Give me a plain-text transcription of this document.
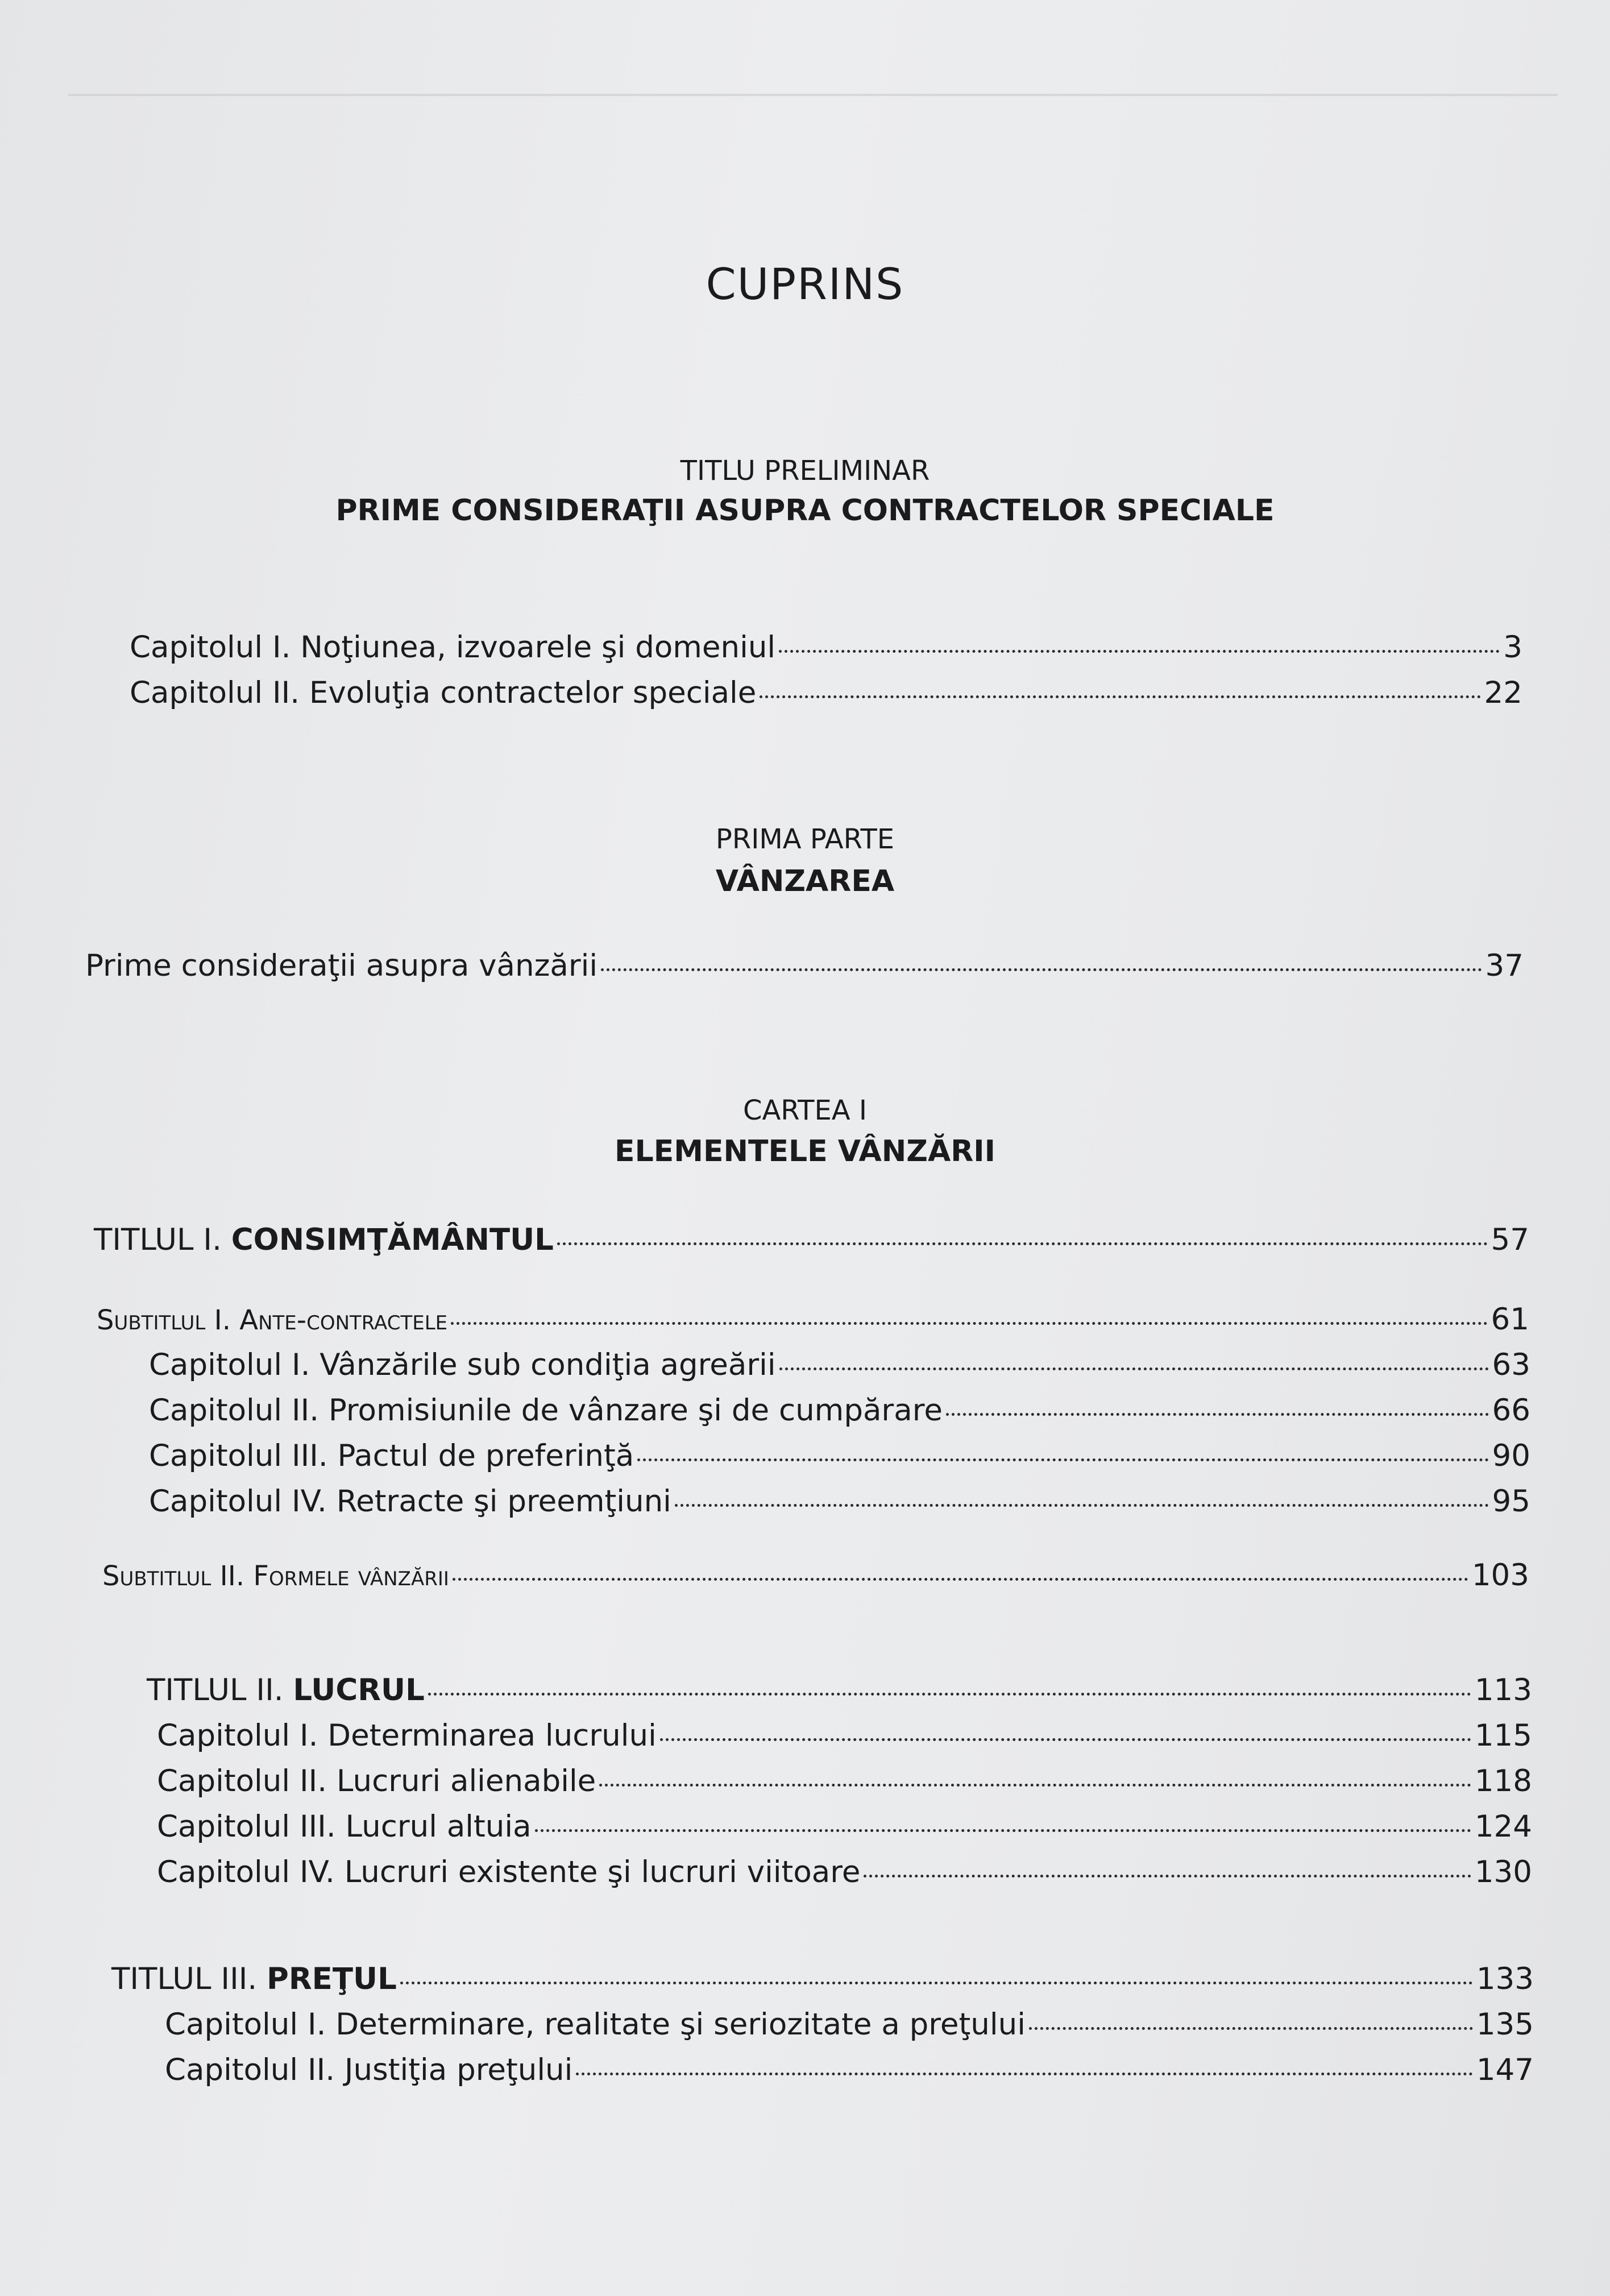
CUPRINS
TITLU PRELIMINAR
PRIME CONSIDERAŢII ASUPRA CONTRACTELOR SPECIALE
Capitolul I. Noţiunea, izvoarele şi domeniul	3
Capitolul II. Evoluţia contractelor speciale	22
PRIMA PARTE
VÂNZAREA
Prime consideraţii asupra vânzării	37
CARTEA I
ELEMENTELE VÂNZĂRII
TITLUL I. CONSIMŢĂMÂNTUL	57
Subtitlul I. Ante-contractele	61
Capitolul I. Vânzările sub condiţia agreării	63
Capitolul II. Promisiunile de vânzare şi de cumpărare	66
Capitolul III. Pactul de preferinţă	90
Capitolul IV. Retracte şi preemţiuni	95
Subtitlul II. Formele vânzării	103
TITLUL II. LUCRUL	113
Capitolul I. Determinarea lucrului	115
Capitolul II. Lucruri alienabile	118
Capitolul III. Lucrul altuia	124
Capitolul IV. Lucruri existente şi lucruri viitoare	130
TITLUL III. PREŢUL	133
Capitolul I. Determinare, realitate şi seriozitate a preţului	135
Capitolul II. Justiţia preţului	147
